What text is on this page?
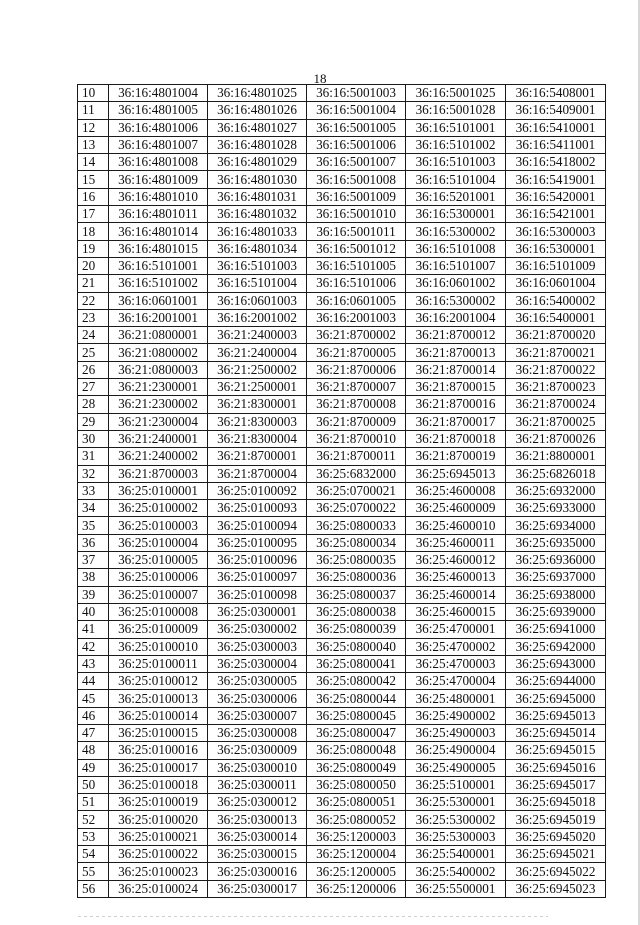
18
10	36:16:4801004	36:16:4801025	36:16:5001003	36:16:5001025	36:16:5408001
11	36:16:4801005	36:16:4801026	36:16:5001004	36:16:5001028	36:16:5409001
12	36:16:4801006	36:16:4801027	36:16:5001005	36:16:5101001	36:16:5410001
13	36:16:4801007	36:16:4801028	36:16:5001006	36:16:5101002	36:16:5411001
14	36:16:4801008	36:16:4801029	36:16:5001007	36:16:5101003	36:16:5418002
15	36:16:4801009	36:16:4801030	36:16:5001008	36:16:5101004	36:16:5419001
16	36:16:4801010	36:16:4801031	36:16:5001009	36:16:5201001	36:16:5420001
17	36:16:4801011	36:16:4801032	36:16:5001010	36:16:5300001	36:16:5421001
18	36:16:4801014	36:16:4801033	36:16:5001011	36:16:5300002	36:16:5300003
19	36:16:4801015	36:16:4801034	36:16:5001012	36:16:5101008	36:16:5300001
20	36:16:5101001	36:16:5101003	36:16:5101005	36:16:5101007	36:16:5101009
21	36:16:5101002	36:16:5101004	36:16:5101006	36:16:0601002	36:16:0601004
22	36:16:0601001	36:16:0601003	36:16:0601005	36:16:5300002	36:16:5400002
23	36:16:2001001	36:16:2001002	36:16:2001003	36:16:2001004	36:16:5400001
24	36:21:0800001	36:21:2400003	36:21:8700002	36:21:8700012	36:21:8700020
25	36:21:0800002	36:21:2400004	36:21:8700005	36:21:8700013	36:21:8700021
26	36:21:0800003	36:21:2500002	36:21:8700006	36:21:8700014	36:21:8700022
27	36:21:2300001	36:21:2500001	36:21:8700007	36:21:8700015	36:21:8700023
28	36:21:2300002	36:21:8300001	36:21:8700008	36:21:8700016	36:21:8700024
29	36:21:2300004	36:21:8300003	36:21:8700009	36:21:8700017	36:21:8700025
30	36:21:2400001	36:21:8300004	36:21:8700010	36:21:8700018	36:21:8700026
31	36:21:2400002	36:21:8700001	36:21:8700011	36:21:8700019	36:21:8800001
32	36:21:8700003	36:21:8700004	36:25:6832000	36:25:6945013	36:25:6826018
33	36:25:0100001	36:25:0100092	36:25:0700021	36:25:4600008	36:25:6932000
34	36:25:0100002	36:25:0100093	36:25:0700022	36:25:4600009	36:25:6933000
35	36:25:0100003	36:25:0100094	36:25:0800033	36:25:4600010	36:25:6934000
36	36:25:0100004	36:25:0100095	36:25:0800034	36:25:4600011	36:25:6935000
37	36:25:0100005	36:25:0100096	36:25:0800035	36:25:4600012	36:25:6936000
38	36:25:0100006	36:25:0100097	36:25:0800036	36:25:4600013	36:25:6937000
39	36:25:0100007	36:25:0100098	36:25:0800037	36:25:4600014	36:25:6938000
40	36:25:0100008	36:25:0300001	36:25:0800038	36:25:4600015	36:25:6939000
41	36:25:0100009	36:25:0300002	36:25:0800039	36:25:4700001	36:25:6941000
42	36:25:0100010	36:25:0300003	36:25:0800040	36:25:4700002	36:25:6942000
43	36:25:0100011	36:25:0300004	36:25:0800041	36:25:4700003	36:25:6943000
44	36:25:0100012	36:25:0300005	36:25:0800042	36:25:4700004	36:25:6944000
45	36:25:0100013	36:25:0300006	36:25:0800044	36:25:4800001	36:25:6945000
46	36:25:0100014	36:25:0300007	36:25:0800045	36:25:4900002	36:25:6945013
47	36:25:0100015	36:25:0300008	36:25:0800047	36:25:4900003	36:25:6945014
48	36:25:0100016	36:25:0300009	36:25:0800048	36:25:4900004	36:25:6945015
49	36:25:0100017	36:25:0300010	36:25:0800049	36:25:4900005	36:25:6945016
50	36:25:0100018	36:25:0300011	36:25:0800050	36:25:5100001	36:25:6945017
51	36:25:0100019	36:25:0300012	36:25:0800051	36:25:5300001	36:25:6945018
52	36:25:0100020	36:25:0300013	36:25:0800052	36:25:5300002	36:25:6945019
53	36:25:0100021	36:25:0300014	36:25:1200003	36:25:5300003	36:25:6945020
54	36:25:0100022	36:25:0300015	36:25:1200004	36:25:5400001	36:25:6945021
55	36:25:0100023	36:25:0300016	36:25:1200005	36:25:5400002	36:25:6945022
56	36:25:0100024	36:25:0300017	36:25:1200006	36:25:5500001	36:25:6945023
